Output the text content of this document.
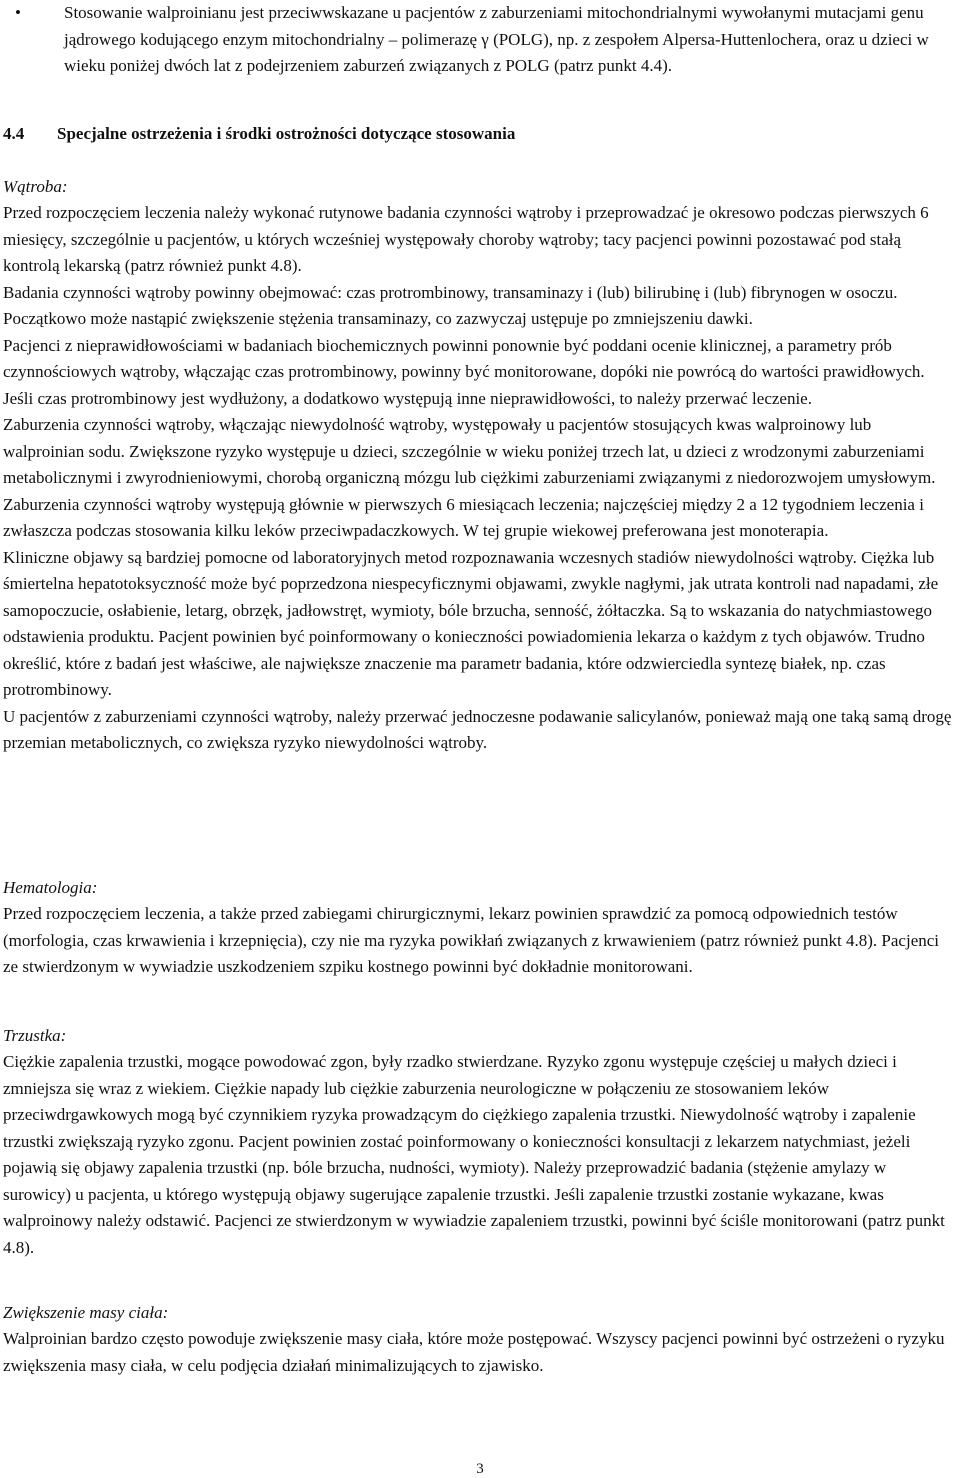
•	Stosowanie walproinianu jest przeciwwskazane u pacjentów z zaburzeniami mitochondrialnymi wywołanymi mutacjami genu jądrowego kodującego enzym mitochondrialny – polimerazę γ (POLG), np. z zespołem Alpersa-Huttenlochera, oraz u dzieci w wieku poniżej dwóch lat z podejrzeniem zaburzeń związanych z POLG (patrz punkt 4.4).
4.4 Specjalne ostrzeżenia i środki ostrożności dotyczące stosowania
Wątroba:

Przed rozpoczęciem leczenia należy wykonać rutynowe badania czynności wątroby i przeprowadzać je okresowo podczas pierwszych 6 miesięcy, szczególnie u pacjentów, u których wcześniej występowały choroby wątroby; tacy pacjenci powinni pozostawać pod stałą kontrolą lekarską (patrz również punkt 4.8).

Badania czynności wątroby powinny obejmować: czas protrombinowy, transaminazy i (lub) bilirubinę i (lub) fibrynogen w osoczu. Początkowo może nastąpić zwiększenie stężenia transaminazy, co zazwyczaj ustępuje po zmniejszeniu dawki.

Pacjenci z nieprawidłowościami w badaniach biochemicznych powinni ponownie być poddani ocenie klinicznej, a parametry prób czynnościowych wątroby, włączając czas protrombinowy, powinny być monitorowane, dopóki nie powrócą do wartości prawidłowych. Jeśli czas protrombinowy jest wydłużony, a dodatkowo występują inne nieprawidłowości, to należy przerwać leczenie.

Zaburzenia czynności wątroby, włączając niewydolność wątroby, występowały u pacjentów stosujących kwas walproinowy lub walproinian sodu. Zwiększone ryzyko występuje u dzieci, szczególnie w wieku poniżej trzech lat, u dzieci z wrodzonymi zaburzeniami metabolicznymi i zwyrodnieniowymi, chorobą organiczną mózgu lub ciężkimi zaburzeniami związanymi z niedorozwojem umysłowym. Zaburzenia czynności wątroby występują głównie w pierwszych 6 miesiącach leczenia; najczęściej między 2 a 12 tygodniem leczenia i zwłaszcza podczas stosowania kilku leków przeciwpadaczkowych. W tej grupie wiekowej preferowana jest monoterapia.

Kliniczne objawy są bardziej pomocne od laboratoryjnych metod rozpoznawania wczesnych stadiów niewydolności wątroby. Ciężka lub śmiertelna hepatotoksyczność może być poprzedzona niespecyficznymi objawami, zwykle nagłymi, jak utrata kontroli nad napadami, złe samopoczucie, osłabienie, letarg, obrzęk, jadłowstręt, wymioty, bóle brzucha, senność, żółtaczka. Są to wskazania do natychmiastowego odstawienia produktu. Pacjent powinien być poinformowany o konieczności powiadomienia lekarza o każdym z tych objawów. Trudno określić, które z badań jest właściwe, ale największe znaczenie ma parametr badania, które odzwierciedla syntezę białek, np. czas protrombinowy.

U pacjentów z zaburzeniami czynności wątroby, należy przerwać jednoczesne podawanie salicylanów, ponieważ mają one taką samą drogę przemian metabolicznych, co zwiększa ryzyko niewydolności wątroby.

Hematologia:

Przed rozpoczęciem leczenia, a także przed zabiegami chirurgicznymi, lekarz powinien sprawdzić za pomocą odpowiednich testów (morfologia, czas krwawienia i krzepnięcia), czy nie ma ryzyka powikłań związanych z krwawieniem (patrz również punkt 4.8). Pacjenci ze stwierdzonym w wywiadzie uszkodzeniem szpiku kostnego powinni być dokładnie monitorowani.

Trzustka:

Ciężkie zapalenia trzustki, mogące powodować zgon, były rzadko stwierdzane. Ryzyko zgonu występuje częściej u małych dzieci i zmniejsza się wraz z wiekiem. Ciężkie napady lub ciężkie zaburzenia neurologiczne w połączeniu ze stosowaniem leków przeciwdrgawkowych mogą być czynnikiem ryzyka prowadzącym do ciężkiego zapalenia trzustki. Niewydolność wątroby i zapalenie trzustki zwiększają ryzyko zgonu. Pacjent powinien zostać poinformowany o konieczności konsultacji z lekarzem natychmiast, jeżeli pojawią się objawy zapalenia trzustki (np. bóle brzucha, nudności, wymioty). Należy przeprowadzić badania (stężenie amylazy w surowicy) u pacjenta, u którego występują objawy sugerujące zapalenie trzustki. Jeśli zapalenie trzustki zostanie wykazane, kwas walproinowy należy odstawić. Pacjenci ze stwierdzonym w wywiadzie zapaleniem trzustki, powinni być ściśle monitorowani (patrz punkt 4.8).

Zwiększenie masy ciała:

Walproinian bardzo często powoduje zwiększenie masy ciała, które może postępować. Wszyscy pacjenci powinni być ostrzeżeni o ryzyku zwiększenia masy ciała, w celu podjęcia działań minimalizujących to zjawisko.

3
